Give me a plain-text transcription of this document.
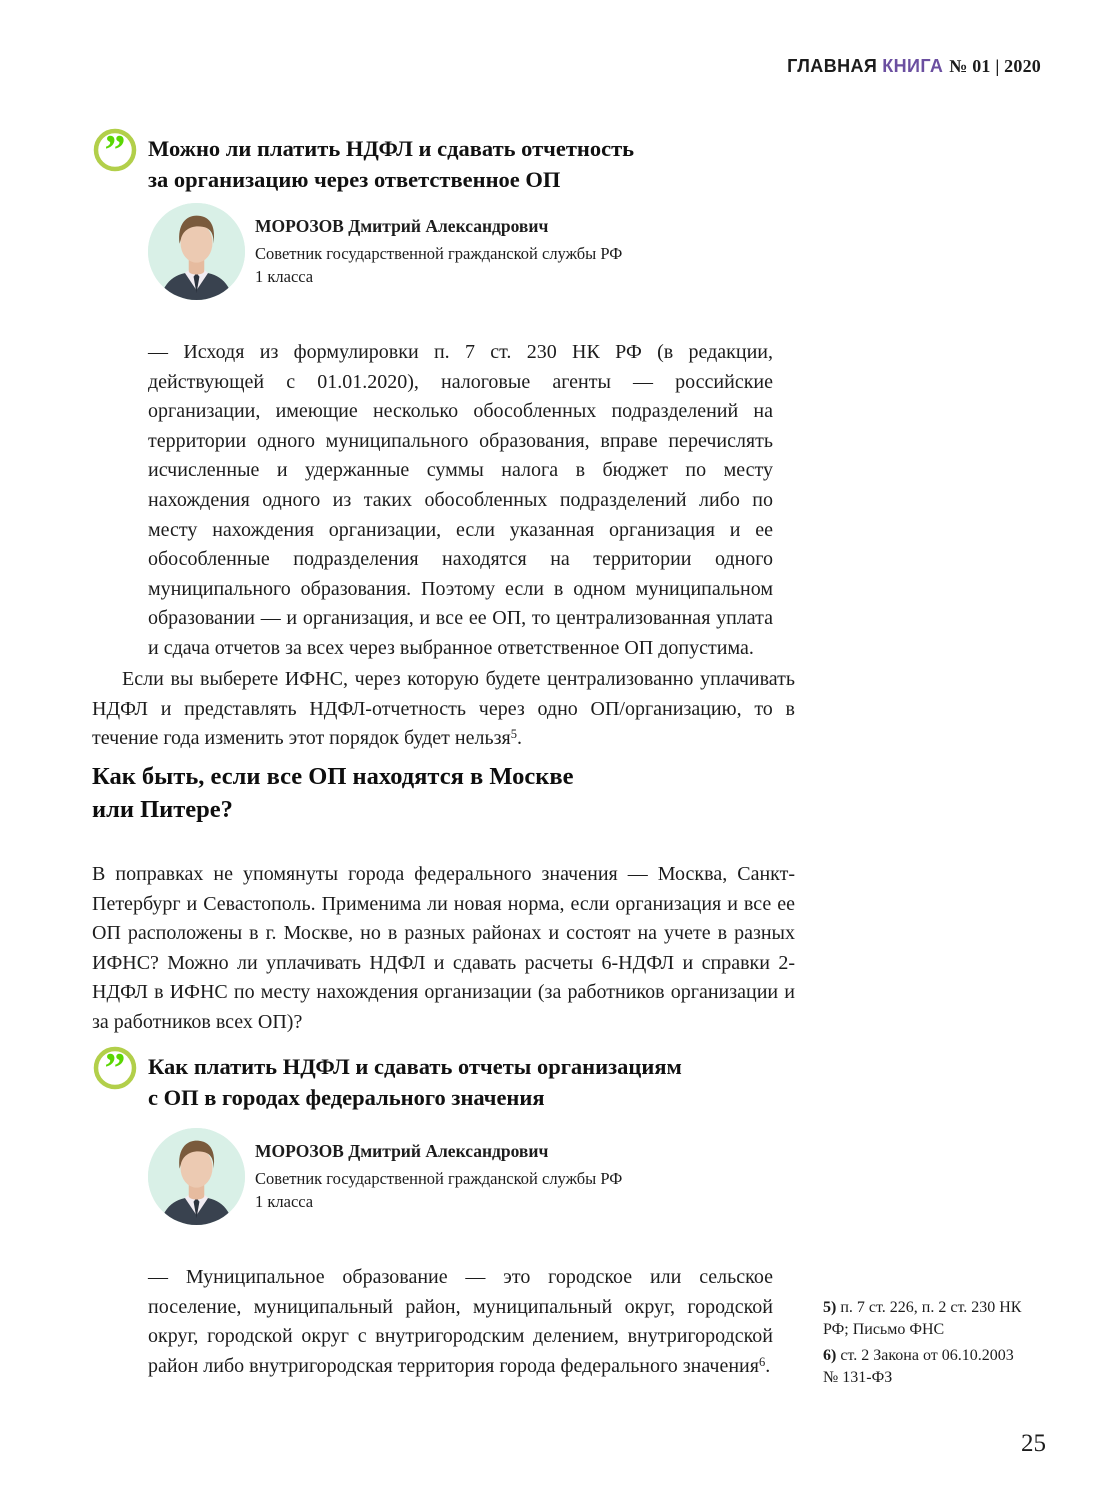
ГЛАВНАЯ КНИГА № 01 | 2020
” Можно ли платить НДФЛ и сдавать отчетность
за организацию через ответственное ОП
МОРОЗОВ Дмитрий Александрович
Советник государственной гражданской службы РФ
1 класса

— Исходя из формулировки п. 7 ст. 230 НК РФ (в редакции, действующей с 01.01.2020), налоговые агенты — российские организации, имеющие несколько обособленных подразделений на территории одного муниципального образования, вправе перечислять исчисленные и удержанные суммы налога в бюджет по месту нахождения одного из таких обособленных подразделений либо по месту нахождения организации, если указанная организация и ее обособленные подразделения находятся на территории одного муниципального образования. Поэтому если в одном муниципальном образовании — и организация, и все ее ОП, то централизованная уплата и сдача отчетов за всех через выбранное ответственное ОП допустима.

Если вы выберете ИФНС, через которую будете централизованно уплачивать НДФЛ и представлять НДФЛ-отчетность через одно ОП/организацию, то в течение года изменить этот порядок будет нельзя$^5$.

Как быть, если все ОП находятся в Москве
или Питере?

В поправках не упомянуты города федерального значения — Москва, Санкт-Петербург и Севастополь. Применима ли новая норма, если организация и все ее ОП расположены в г. Москве, но в разных районах и состоят на учете в разных ИФНС? Можно ли уплачивать НДФЛ и сдавать расчеты 6-НДФЛ и справки 2-НДФЛ в ИФНС по месту нахождения организации (за работников организации и за работников всех ОП)?

” Как платить НДФЛ и сдавать отчеты организациям
с ОП в городах федерального значения
МОРОЗОВ Дмитрий Александрович
Советник государственной гражданской службы РФ
1 класса

— Муниципальное образование — это городское или сельское поселение, муниципальный район, муниципальный округ, городской округ, городской округ с внутригородским делением, внутригородской район либо внутригородская территория города федерального значения$^6$.

5) п. 7 ст. 226, п. 2 ст. 230 НК РФ; Письмо ФНС
6) ст. 2 Закона от 06.10.2003 № 131-ФЗ
25
